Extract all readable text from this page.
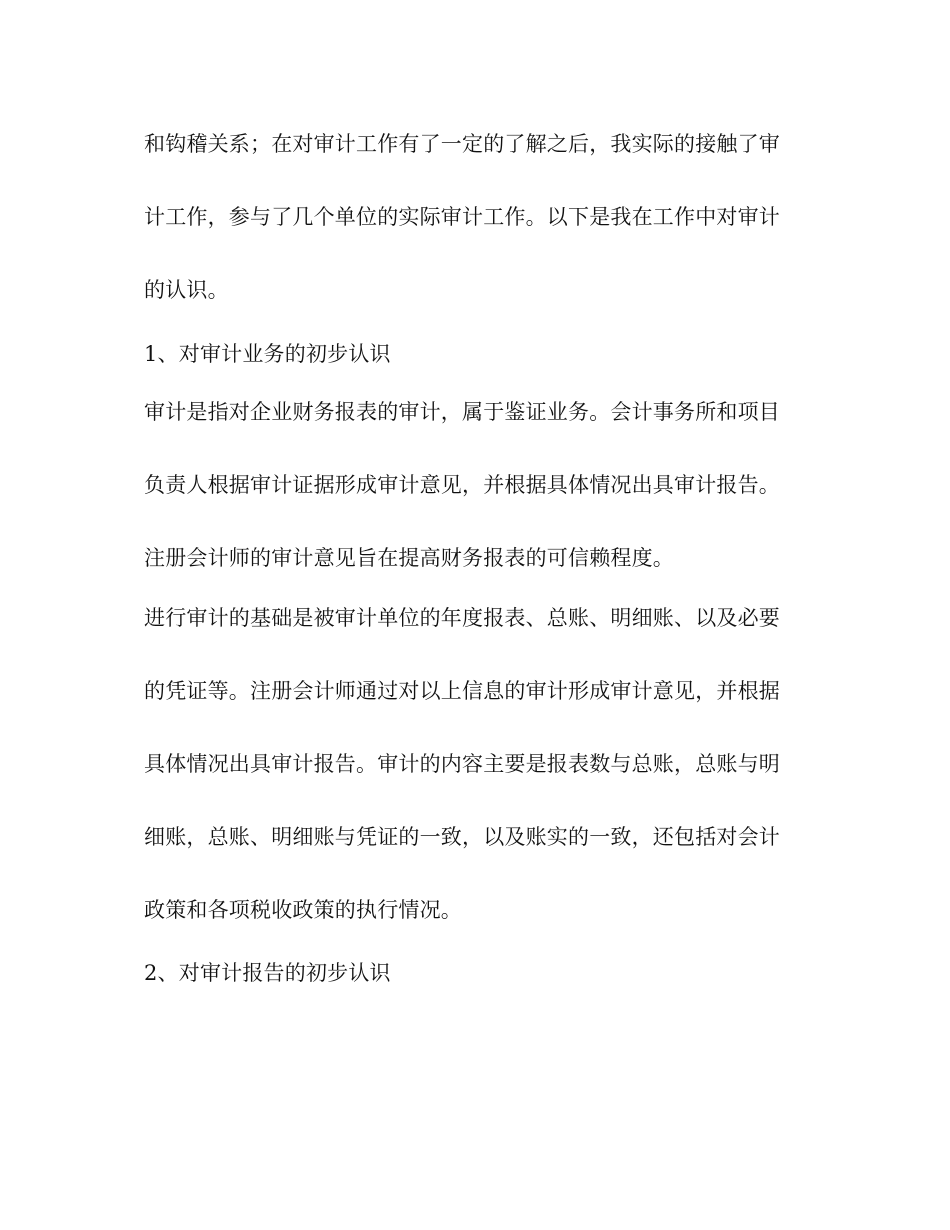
和钩稽关系；在对审计工作有了一定的了解之后，我实际的接触了审
计工作，参与了几个单位的实际审计工作。以下是我在工作中对审计
的认识。
1、对审计业务的初步认识
审计是指对企业财务报表的审计，属于鉴证业务。会计事务所和项目
负责人根据审计证据形成审计意见，并根据具体情况出具审计报告。
注册会计师的审计意见旨在提高财务报表的可信赖程度。
进行审计的基础是被审计单位的年度报表、总账、明细账、以及必要
的凭证等。注册会计师通过对以上信息的审计形成审计意见，并根据
具体情况出具审计报告。审计的内容主要是报表数与总账，总账与明
细账，总账、明细账与凭证的一致，以及账实的一致，还包括对会计
政策和各项税收政策的执行情况。
2、对审计报告的初步认识
